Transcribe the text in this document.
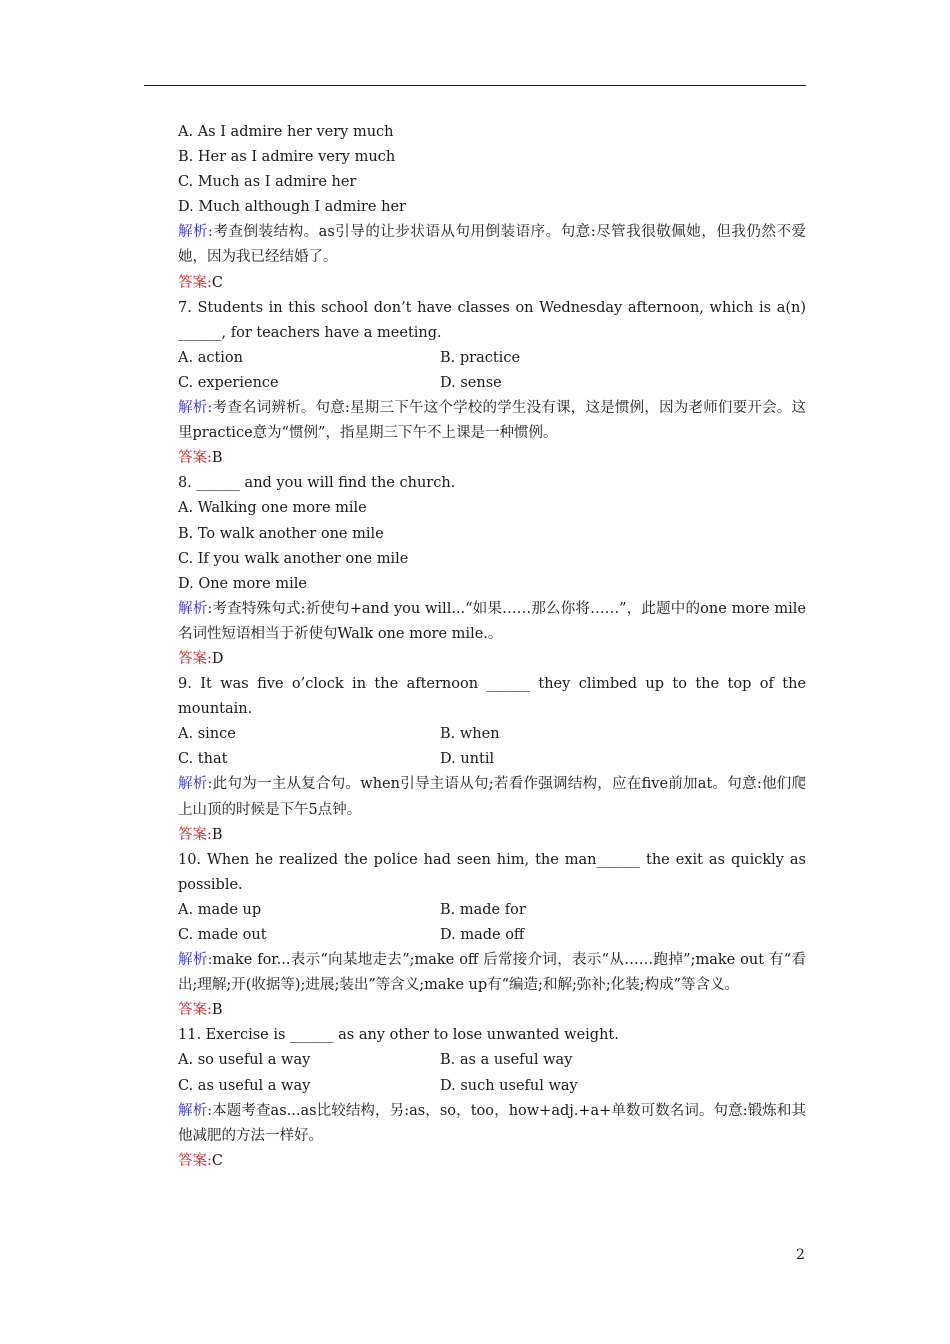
A. As I admire her very much
B. Her as I admire very much
C. Much as I admire her
D. Much although I admire her
解析:考查倒装结构。as引导的让步状语从句用倒装语序。句意:尽管我很敬佩她，但我仍然不爱她，因为我已经结婚了。
答案:C
7. Students in this school don’t have classes on Wednesday afternoon, which is a(n) ______, for teachers have a meeting.
A. action	B. practice
C. experience	D. sense
解析:考查名词辨析。句意:星期三下午这个学校的学生没有课，这是惯例，因为老师们要开会。这里practice意为“惯例”，指星期三下午不上课是一种惯例。
答案:B
8. ______ and you will find the church.
A. Walking one more mile
B. To walk another one mile
C. If you walk another one mile
D. One more mile
解析:考查特殊句式:祈使句+and you will...“如果……那么你将……”，此题中的one more mile名词性短语相当于祈使句Walk one more mile.。
答案:D
9. It was five o’clock in the afternoon ______ they climbed up to the top of the mountain.
A. since	B. when
C. that	D. until
解析:此句为一主从复合句。when引导主语从句;若看作强调结构，应在five前加at。句意:他们爬上山顶的时候是下午5点钟。
答案:B
10. When he realized the police had seen him, the man______ the exit as quickly as possible.
A. made up	B. made for
C. made out	D. made off
解析:make for...表示“向某地走去”;make off 后常接介词，表示“从……跑掉”;make out 有“看出;理解;开(收据等);进展;装出”等含义;make up有“编造;和解;弥补;化装;构成”等含义。
答案:B
11. Exercise is ______ as any other to lose unwanted weight.
A. so useful a way	B. as a useful way
C. as useful a way	D. such useful way
解析:本题考查as...as比较结构，另:as，so，too，how+adj.+a+单数可数名词。句意:锻炼和其他减肥的方法一样好。
答案:C
2
